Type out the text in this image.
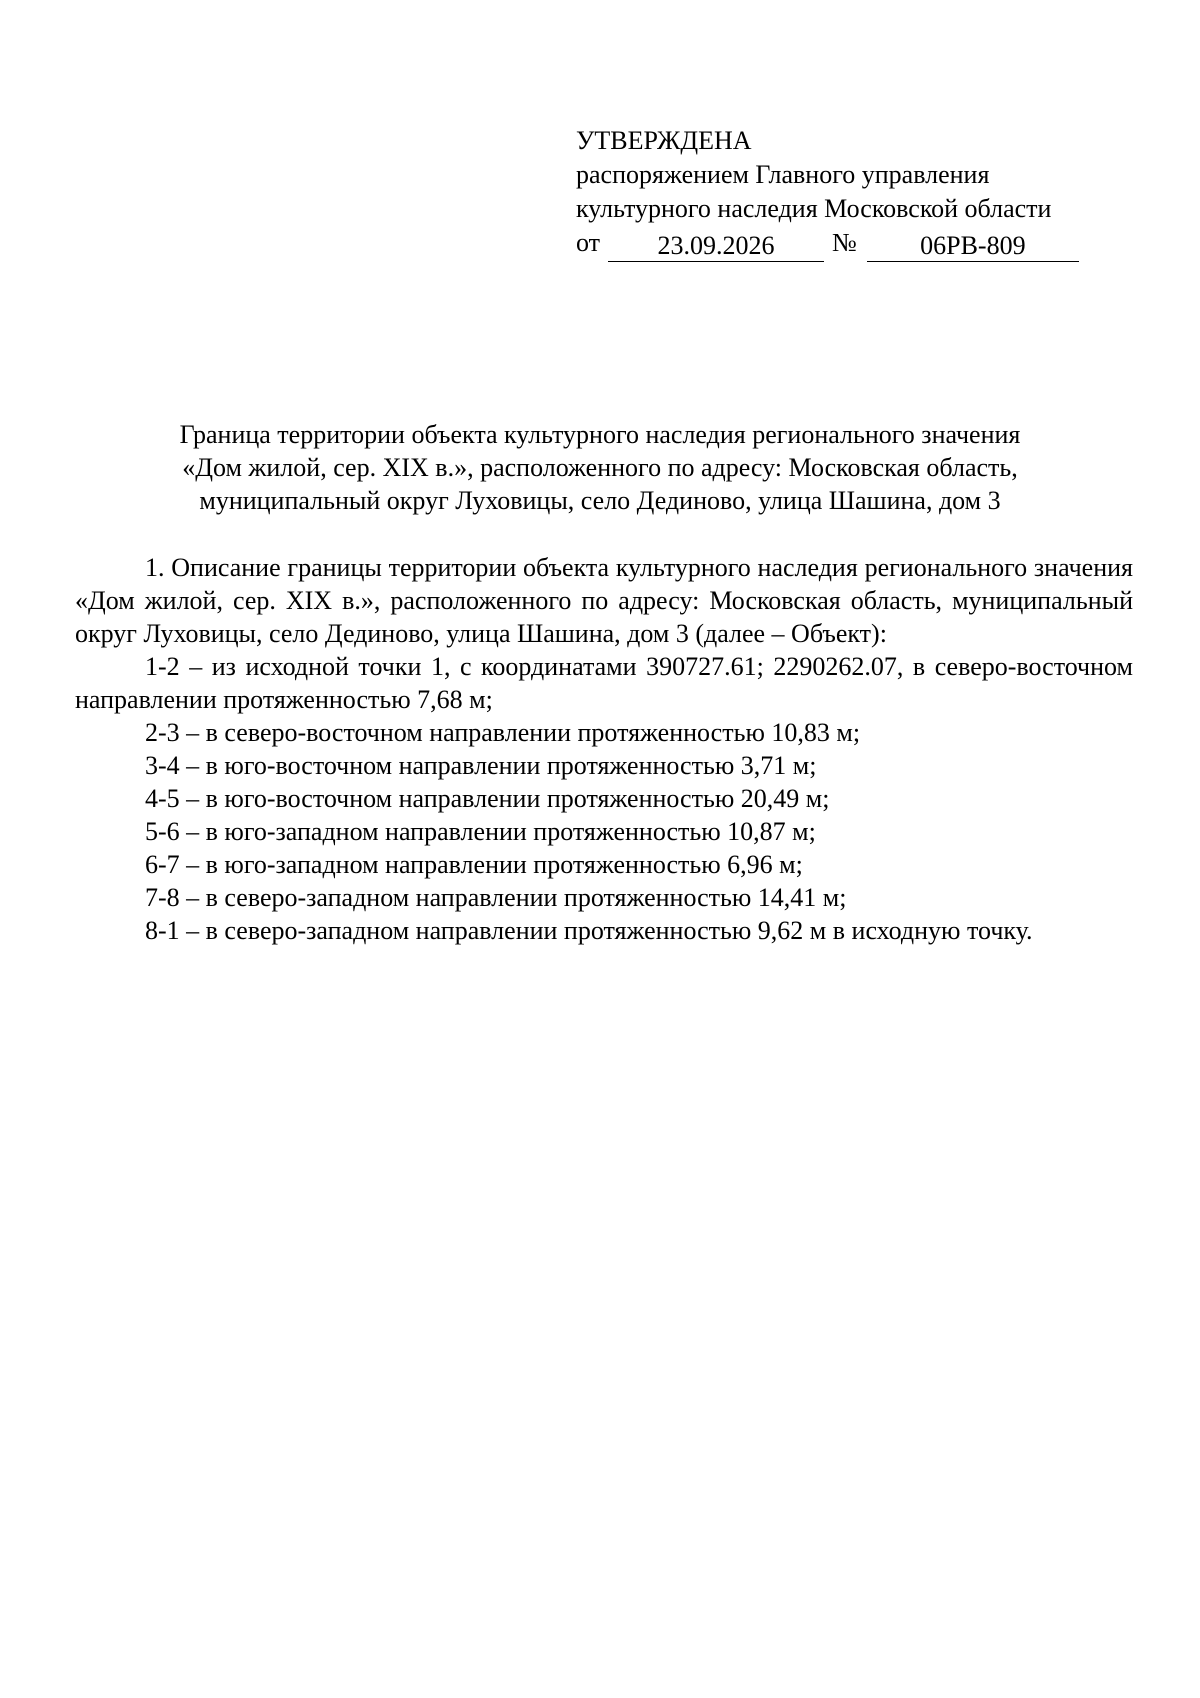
УТВЕРЖДЕНА
распоряжением Главного управления
культурного наследия Московской области
от	23.09.2026	№	06РВ-809
Граница территории объекта культурного наследия регионального значения
«Дом жилой, сер. XIX в.», расположенного по адресу: Московская область,
муниципальный округ Луховицы, село Дединово, улица Шашина, дом 3

1. Описание границы территории объекта культурного наследия регионального значения «Дом жилой, сер. XIX в.», расположенного по адресу: Московская область, муниципальный округ Луховицы, село Дединово, улица Шашина, дом 3 (далее – Объект):

1-2 – из исходной точки 1, с координатами 390727.61; 2290262.07, в северо-восточном направлении протяженностью 7,68 м;

2-3 – в северо-восточном направлении протяженностью 10,83 м;

3-4 – в юго-восточном направлении протяженностью 3,71 м;

4-5 – в юго-восточном направлении протяженностью 20,49 м;

5-6 – в юго-западном направлении протяженностью 10,87 м;

6-7 – в юго-западном направлении протяженностью 6,96 м;

7-8 – в северо-западном направлении протяженностью 14,41 м;

8-1 – в северо-западном направлении протяженностью 9,62 м в исходную точку.
